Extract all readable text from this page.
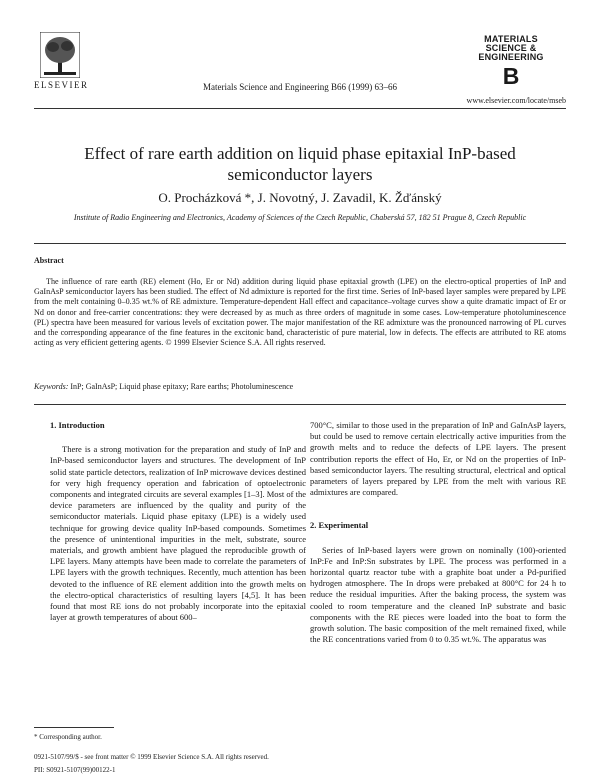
ELSEVIER	Materials Science and Engineering B66 (1999) 63–66
MATERIALS
SCIENCE &
ENGINEERING
B
www.elsevier.com/locate/mseb
Effect of rare earth addition on liquid phase epitaxial InP-based semiconductor layers
O. Procházková *, J. Novotný, J. Zavadil, K. Žďánský
Institute of Radio Engineering and Electronics, Academy of Sciences of the Czech Republic, Chaberská 57, 182 51 Prague 8, Czech Republic
Abstract
The influence of rare earth (RE) element (Ho, Er or Nd) addition during liquid phase epitaxial growth (LPE) on the electro-optical properties of InP and GaInAsP semiconductor layers has been studied. The effect of Nd admixture is reported for the first time. Series of InP-based layer samples were prepared by LPE from the melt containing 0–0.35 wt.% of RE admixture. Temperature-dependent Hall effect and capacitance–voltage curves show a quite dramatic impact of Er or Nd on donor and free-carrier concentrations: they were decreased by as much as three orders of magnitude in some cases. Low-temperature photoluminescence (PL) spectra have been measured for various levels of excitation power. The major manifestation of the RE admixture was the pronounced narrowing of PL curves and the corresponding appearance of the fine features in the excitonic band, characteristic of pure material, low in defects. The effects are attributed to RE atoms acting as very efficient gettering agents. © 1999 Elsevier Science S.A. All rights reserved.
Keywords: InP; GaInAsP; Liquid phase epitaxy; Rare earths; Photoluminescence
1. Introduction
There is a strong motivation for the preparation and study of InP and InP-based semiconductor layers and structures. The development of InP solid state particle detectors, realization of InP microwave devices destined for very high frequency operation and fabrication of optoelectronic components and integrated circuits are several examples [1–3]. Most of the device parameters are influenced by the quality and purity of the semiconductor materials. Liquid phase epitaxy (LPE) is a widely used technique for growing device quality InP-based compounds. Sometimes the presence of unintentional impurities in the melt, substrate, source materials, and growth ambient have plagued the reproducible growth of LPE layers. Many attempts have been made to correlate the parameters of LPE layers with the growth techniques. Recently, much attention has been devoted to the influence of RE element addition into the growth melts on the electro-optical characteristics of resulting layers [4,5]. It has been found that most RE ions do not probably incorporate into the epitaxial layer at growth temperatures of about 600–
700°C, similar to those used in the preparation of InP and GaInAsP layers, but could be used to remove certain electrically active impurities from the growth melts and to reduce the defects of LPE layers. The present contribution reports the effect of Ho, Er, or Nd on the properties of InP-based semiconductor layers. The resulting structural, electrical and optical parameters of layers prepared by LPE from the melt with various RE admixtures are compared.
2. Experimental
Series of InP-based layers were grown on nominally (100)-oriented InP:Fe and InP:Sn substrates by LPE. The process was performed in a horizontal quartz reactor tube with a graphite boat under a Pd-purified hydrogen atmosphere. The In drops were prebaked at 800°C for 24 h to reduce the residual impurities. After the baking process, the system was cooled to room temperature and the cleaned InP substrate and basic components with the RE pieces were loaded into the boat to form the growth solution. The basic composition of the melt remained fixed, while the RE concentrations varied from 0 to 0.35 wt.%. The apparatus was
* Corresponding author.
0921-5107/99/$ - see front matter © 1999 Elsevier Science S.A. All rights reserved.
PII: S0921-5107(99)00122-1
